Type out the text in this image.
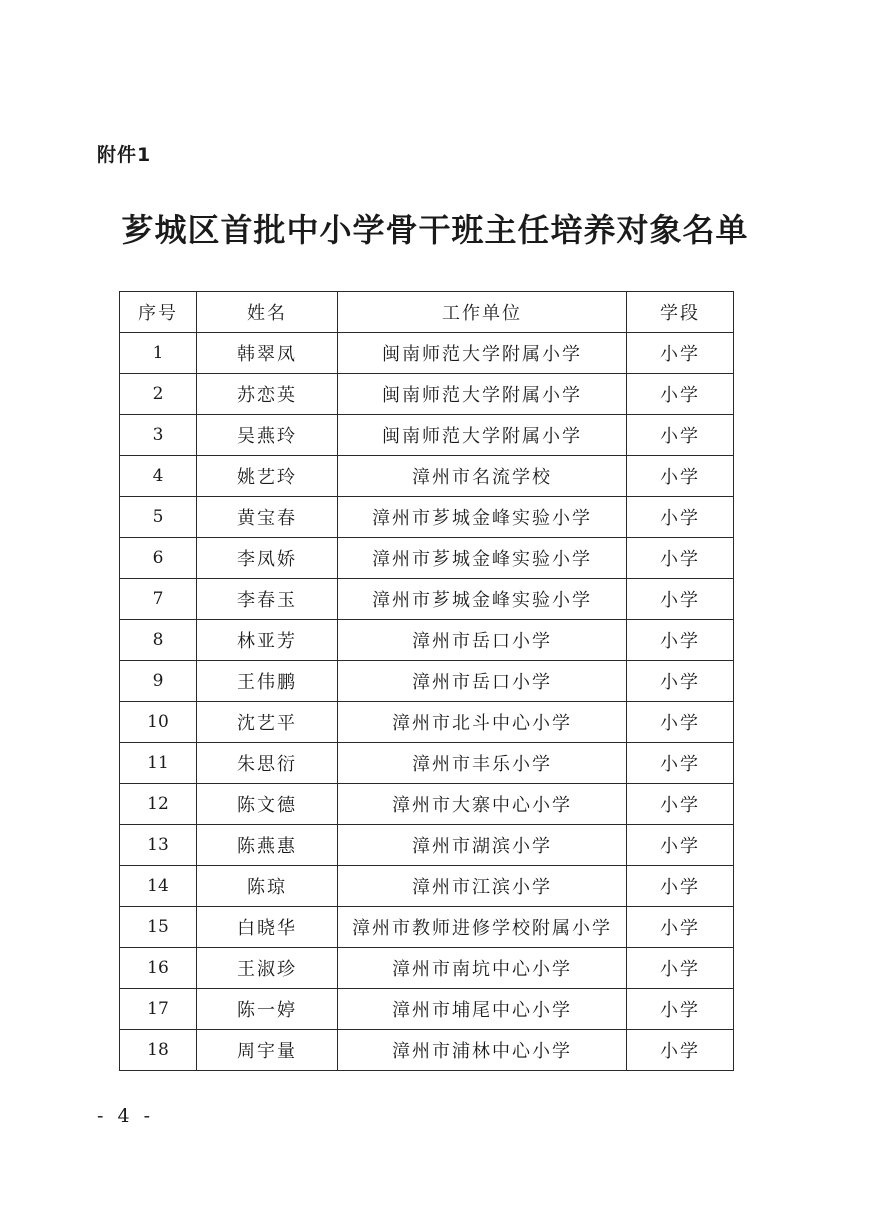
附件1
芗城区首批中小学骨干班主任培养对象名单
序号	姓名	工作单位	学段
1	韩翠凤	闽南师范大学附属小学	小学
2	苏恋英	闽南师范大学附属小学	小学
3	吴燕玲	闽南师范大学附属小学	小学
4	姚艺玲	漳州市名流学校	小学
5	黄宝春	漳州市芗城金峰实验小学	小学
6	李凤娇	漳州市芗城金峰实验小学	小学
7	李春玉	漳州市芗城金峰实验小学	小学
8	林亚芳	漳州市岳口小学	小学
9	王伟鹏	漳州市岳口小学	小学
10	沈艺平	漳州市北斗中心小学	小学
11	朱思衍	漳州市丰乐小学	小学
12	陈文德	漳州市大寨中心小学	小学
13	陈燕惠	漳州市湖滨小学	小学
14	陈琼	漳州市江滨小学	小学
15	白晓华	漳州市教师进修学校附属小学	小学
16	王淑珍	漳州市南坑中心小学	小学
17	陈一婷	漳州市埔尾中心小学	小学
18	周宇量	漳州市浦林中心小学	小学
- 4 -
